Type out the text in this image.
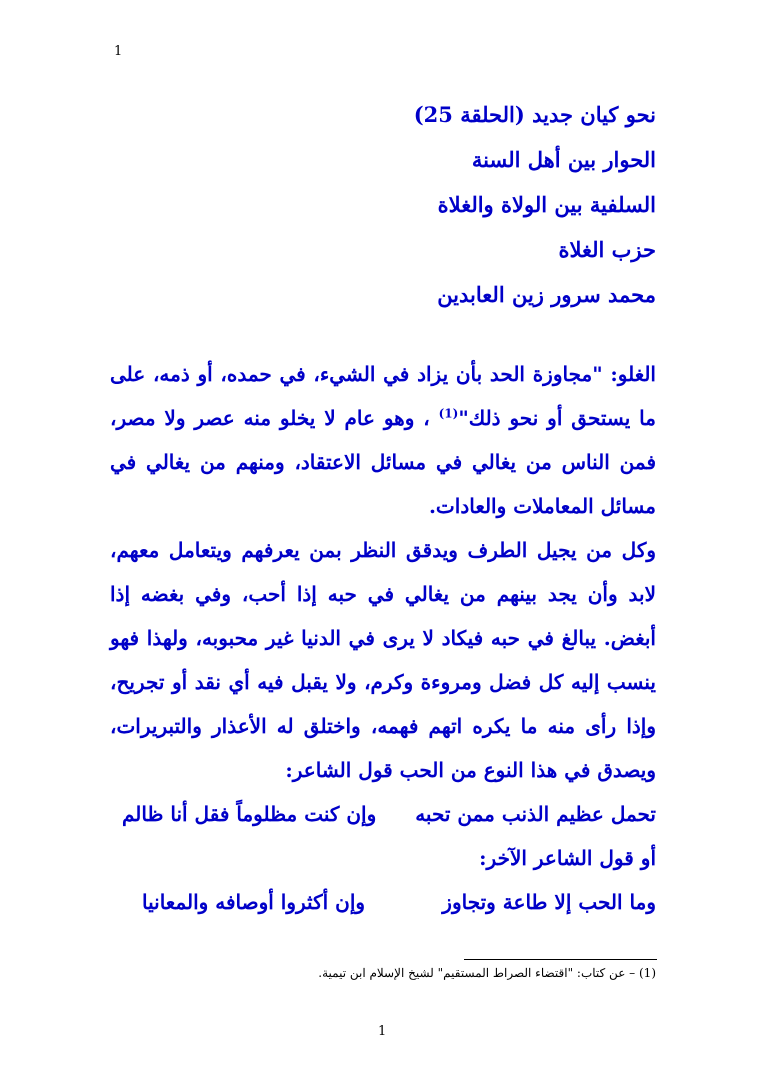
1

نحو كيان جديد (الحلقة 25)

الحوار بين أهل السنة

السلفية بين الولاة والغلاة

حزب الغلاة

محمد سرور زين العابدين

الغلو: "مجاوزة الحد بأن يزاد في الشيء، في حمده، أو ذمه، على ما يستحق أو نحو ذلك"$^{(1)}$ ، وهو عام لا يخلو منه عصر ولا مصر، فمن الناس من يغالي في مسائل الاعتقاد، ومنهم من يغالي في مسائل المعاملات والعادات.

وكل من يجيل الطرف ويدقق النظر بمن يعرفهم ويتعامل معهم، لابد وأن يجد بينهم من يغالي في حبه إذا أحب، وفي بغضه إذا أبغض. يبالغ في حبه فيكاد لا يرى في الدنيا غير محبوبه، ولهذا فهو ينسب إليه كل فضل ومروءة وكرم، ولا يقبل فيه أي نقد أو تجريح، وإذا رأى منه ما يكره اتهم فهمه، واختلق له الأعذار والتبريرات، ويصدق في هذا النوع من الحب قول الشاعر:

تحمل عظيم الذنب ممن تحبه
وإن كنت مظلوماً فقل أنا ظالم

أو قول الشاعر الآخر:

وما الحب إلا طاعة وتجاوز
وإن أكثروا أوصافه والمعانيا
(1) – عن كتاب: "اقتضاء الصراط المستقيم" لشيخ الإسلام ابن تيمية.
1
